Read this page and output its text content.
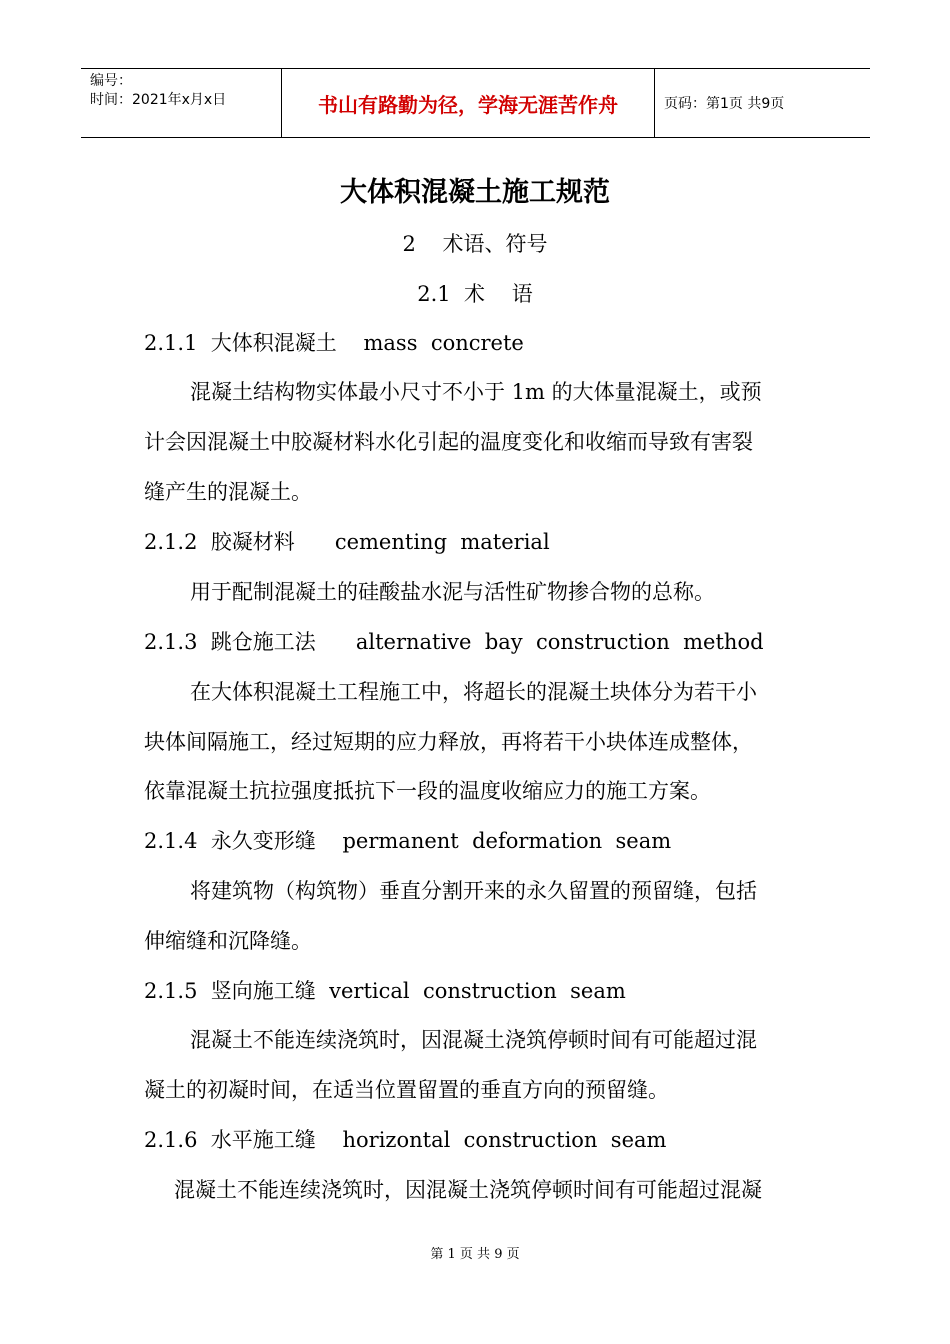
编号：
时间：2021年x月x日	书山有路勤为径，学海无涯苦作舟	页码：第1页 共9页
大体积混凝土施工规范
2    术语、符号
2.1  术    语
2.1.1  大体积混凝土    mass  concrete
混凝土结构物实体最小尺寸不小于 1m 的大体量混凝土，或预
计会因混凝土中胶凝材料水化引起的温度变化和收缩而导致有害裂
缝产生的混凝土。
2.1.2  胶凝材料      cementing  material
用于配制混凝土的硅酸盐水泥与活性矿物掺合物的总称。
2.1.3  跳仓施工法      alternative  bay  construction  method
在大体积混凝土工程施工中，将超长的混凝土块体分为若干小
块体间隔施工，经过短期的应力释放，再将若干小块体连成整体，
依靠混凝土抗拉强度抵抗下一段的温度收缩应力的施工方案。
2.1.4  永久变形缝    permanent  deformation  seam
将建筑物（构筑物）垂直分割开来的永久留置的预留缝，包括
伸缩缝和沉降缝。
2.1.5  竖向施工缝  vertical  construction  seam
混凝土不能连续浇筑时，因混凝土浇筑停顿时间有可能超过混
凝土的初凝时间，在适当位置留置的垂直方向的预留缝。
2.1.6  水平施工缝    horizontal  construction  seam
混凝土不能连续浇筑时，因混凝土浇筑停顿时间有可能超过混凝
第 1 页 共 9 页
